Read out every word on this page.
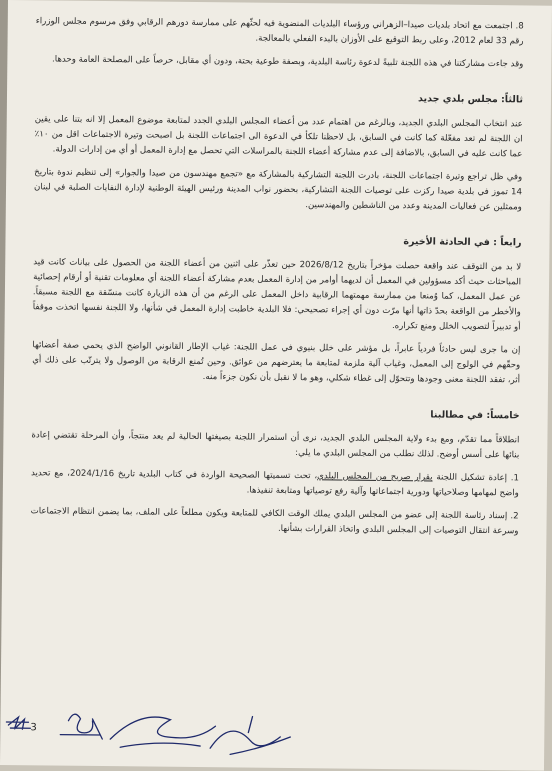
8. اجتمعت مع اتحاد بلديات صيدا–الزهراني ورؤساء البلديات المنضوية فيه لحثّهم على ممارسة دورهم الرقابي وفق مرسوم مجلس الوزراء رقم 33 لعام 2012، وعلى ربط التوقيع على الأوزان بالبدء الفعلي بالمعالجة.

وقد جاءت مشاركتنا في هذه اللجنة تلبيةً لدعوة رئاسة البلدية، وبصفة طوعية بحتة، ودون أي مقابل، حرصاً على المصلحة العامة وحدها.

ثالثاً: مجلس بلدي جديد

عند انتخاب المجلس البلدي الجديد، وبالرغم من اهتمام عدد من أعضاء المجلس البلدي الجدد لمتابعة موضوع المعمل إلا انه بتنا على يقين ان اللجنة لم تعد مفعّلة كما كانت في السابق، بل لاحظنا تلكأ في الدعوة الى اجتماعات اللجنة بل اصبحت وتيرة الاجتماعات اقل من ١٠٪ عما كانت عليه في السابق، بالاضافة إلى عدم مشاركة أعضاء اللجنة بالمراسلات التي تحصل مع إدارة المعمل أو أي من إدارات الدولة.

وفي ظل تراجع وتيرة اجتماعات اللجنة، بادرت اللجنة التشاركية بالمشاركة مع «تجمع مهندسون من صيدا والجوار» إلى تنظيم ندوة بتاريخ 14 تموز في بلدية صيدا ركزت على توصيات اللجنة التشاركية، بحضور نواب المدينة ورئيس الهيئة الوطنية لإدارة النفايات الصلبة في لبنان وممثلين عن فعاليات المدينة وعدد من الناشطين والمهندسين.

رابعاً : في الحادثة الأخيرة

لا بد من التوقف عند واقعة حصلت مؤخراً بتاريخ 2026/8/12 حين تعذّر على اثنين من أعضاء اللجنة من الحصول على بيانات كانت قيد المباحثات حيث أكد مسؤولين في المعمل أن لديهما أوامر من إدارة المعمل بعدم مشاركة أعضاء اللجنة أي معلومات تقنية أو أرقام إحصائية عن عمل المعمل، كما وُمنعا من ممارسة مهمتهما الرقابية داخل المعمل على الرغم من أن هذه الزيارة كانت منسّقة مع اللجنة مسبقاً. والأخطر من الواقعة بحدّ ذاتها أنها مرّت دون أي إجراء تصحيحي: فلا البلدية خاطبت إدارة المعمل في شأنها، ولا اللجنة نفسها اتخذت موقفاً أو تدبيراً لتصويب الخلل ومنع تكراره.

إن ما جرى ليس حادثاً فردياً عابراً، بل مؤشر على خلل بنيوي في عمل اللجنة: غياب الإطار القانوني الواضح الذي يحمي صفة أعضائها وحقّهم في الولوج إلى المعمل، وغياب آلية ملزمة لمتابعة ما يعترضهم من عوائق. وحين تُمنع الرقابة من الوصول ولا يترتّب على ذلك أي أثر، تفقد اللجنة معنى وجودها وتتحوّل إلى غطاء شكلي، وهو ما لا نقبل بأن نكون جزءاً منه.

خامساً: في مطالبنا

انطلاقاً مما تقدّم، ومع بدء ولاية المجلس البلدي الجديد، نرى أن استمرار اللجنة بصيغتها الحالية لم يعد منتجاً، وأن المرحلة تقتضي إعادة بنائها على أسس أوضح. لذلك نطلب من المجلس البلدي ما يلي:

1. إعادة تشكيل اللجنة بقرار صريح من المجلس البلدي، تحت تسميتها الصحيحة الواردة في كتاب البلدية تاريخ 2024/1/16، مع تحديد واضح لمهامها وصلاحياتها ودورية اجتماعاتها وآلية رفع توصياتها ومتابعة تنفيذها.

2. إسناد رئاسة اللجنة إلى عضو من المجلس البلدي يملك الوقت الكافي للمتابعة ويكون مطلعاً على الملف، بما يضمن انتظام الاجتماعات وسرعة انتقال التوصيات إلى المجلس البلدي واتخاذ القرارات بشأنها.

3
